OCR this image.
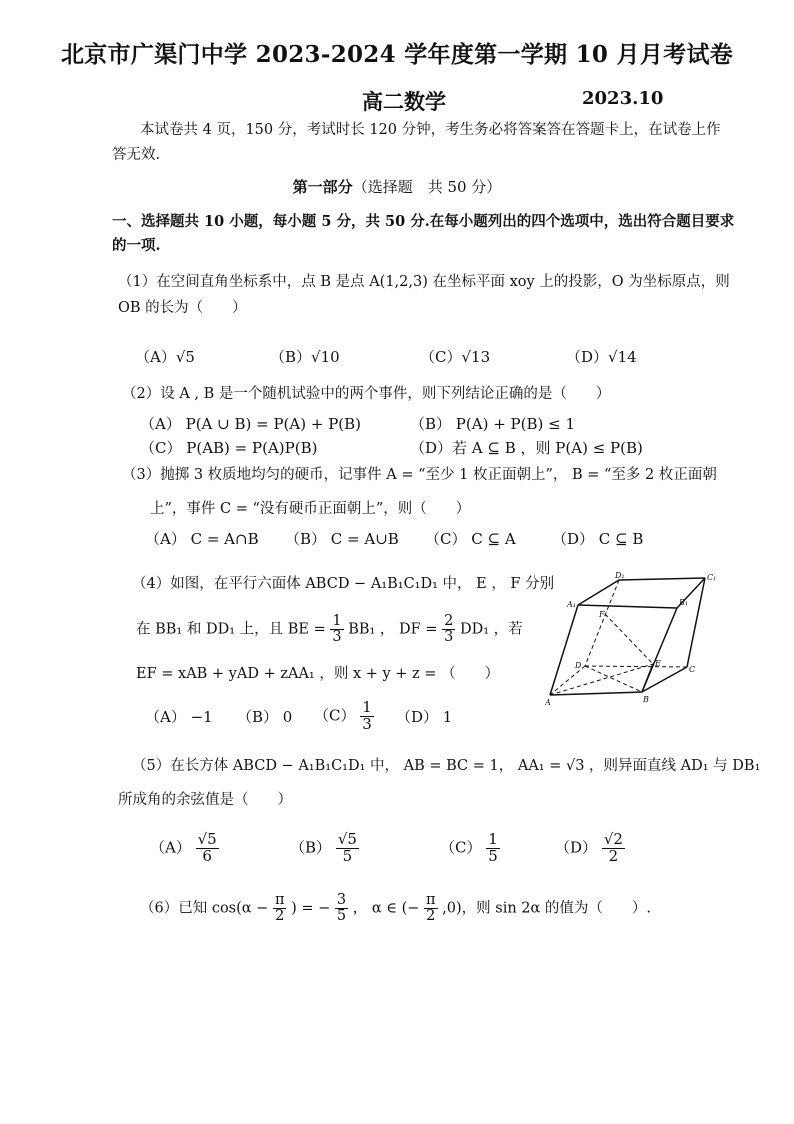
北京市广渠门中学 2023-2024 学年度第一学期 10 月月考试卷
高二数学	2023.10
本试卷共 4 页，150 分，考试时长 120 分钟，考生务必将答案答在答题卡上，在试卷上作
答无效.
第一部分（选择题　共 50 分）
一、选择题共 10 小题，每小题 5 分，共 50 分.在每小题列出的四个选项中，选出符合题目要求
的一项.
（1）在空间直角坐标系中，点 B 是点 A(1,2,3) 在坐标平面 xoy 上的投影，O 为坐标原点，则
OB 的长为（　　）
（A）√5	（B）√10	（C）√13	（D）√14
（2）设 A , B 是一个随机试验中的两个事件，则下列结论正确的是（　　）
（A） P(A ∪ B) = P(A) + P(B)	（B） P(A) + P(B) ≤ 1
（C） P(AB) = P(A)P(B)	（D）若 A ⊆ B ，则 P(A) ≤ P(B)
（3）抛掷 3 枚质地均匀的硬币，记事件 A = “至少 1 枚正面朝上”， B = “至多 2 枚正面朝
上”，事件 C = “没有硬币正面朝上”，则（　　）
（A） C = A∩B （B） C = A∪B （C） C ⊆ A （D） C ⊆ B
（4）如图，在平行六面体 ABCD − A₁B₁C₁D₁ 中， E ， F 分别
在 BB₁ 和 DD₁ 上，且 BE = $\frac{1}{3} BB_1$ ， DF = $\frac{2}{3} DD_1$ ，若
EF = xAB + yAD + zAA₁ ，则 x + y + z = （　　）
（A） −1 （B） 0 $(C) \frac{1}{3} (D)$ 1
D₁	C₁
A₁	B₁
F
D	E
C
A	B
（5）在长方体 ABCD − A₁B₁C₁D₁ 中， AB = BC = 1， AA₁ = √3 ，则异面直线 AD₁ 与 DB₁
所成角的余弦值是（　　）
$(A) \frac{√5}{6}$	$(B) \frac{√5}{5}$	$(C) \frac{1}{5}$	$(D) \frac{√2}{2}$
（6）已知 $\cos(\alpha - \frac{\pi}{2}$ ) = − $\frac{3}{5}$ ， α ∈ (− $\frac{\pi}{2} ,0$)，则 sin 2α 的值为（　　）.
